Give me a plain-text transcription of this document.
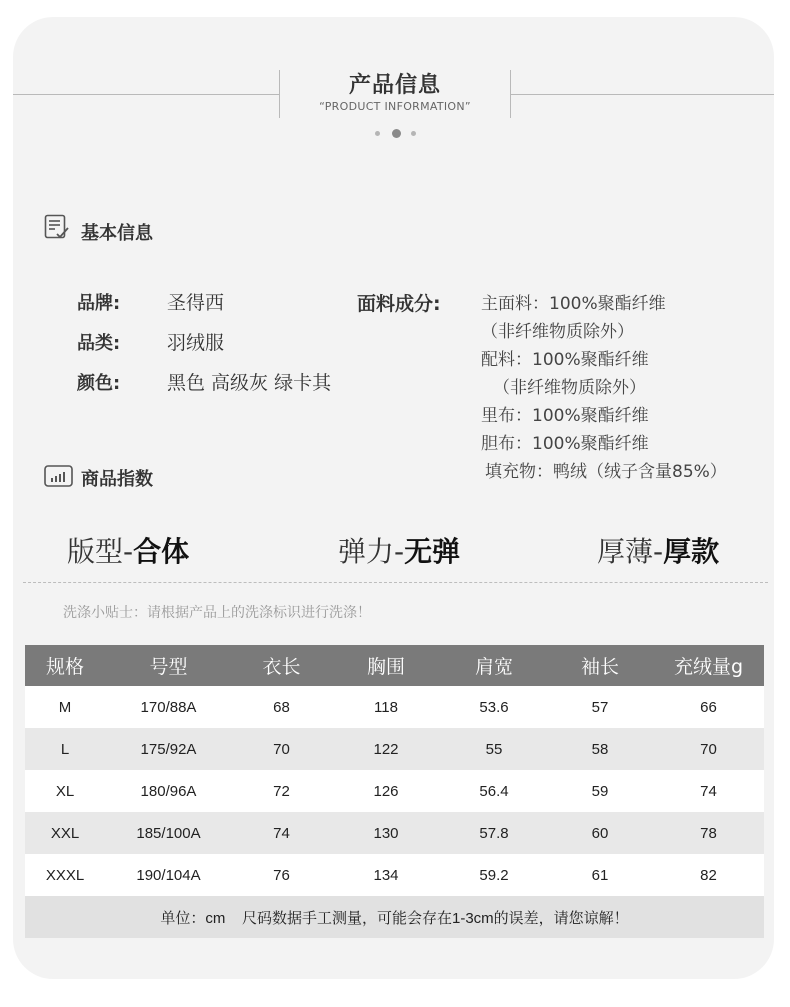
产品信息
“PRODUCT INFORMATION”
基本信息
品牌: 圣得西
品类: 羽绒服
颜色: 黑色 高级灰 绿卡其
面料成分: 主面料：100%聚酯纤维
（非纤维物质除外）
配料：100%聚酯纤维
（非纤维物质除外）
里布：100%聚酯纤维
胆布：100%聚酯纤维
填充物：鸭绒（绒子含量85%）
商品指数
版型-合体	弹力-无弹	厚薄-厚款
洗涤小贴士：请根据产品上的洗涤标识进行洗涤！
规格	号型	衣长	胸围	肩宽	袖长	充绒量g
M	170/88A	68	118	53.6	57	66
L	175/92A	70	122	55	58	70
XL	180/96A	72	126	56.4	59	74
XXL	185/100A	74	130	57.8	60	78
XXXL	190/104A	76	134	59.2	61	82
单位：cm    尺码数据手工测量，可能会存在1-3cm的误差，请您谅解！						
